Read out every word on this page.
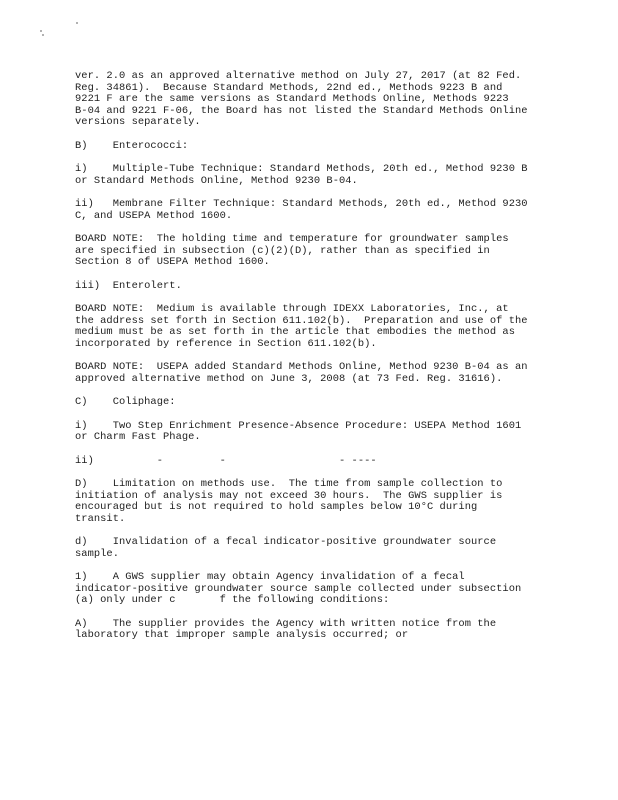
ver. 2.0 as an approved alternative method on July 27, 2017 (at 82 Fed.
Reg. 34861).  Because Standard Methods, 22nd ed., Methods 9223 B and
9221 F are the same versions as Standard Methods Online, Methods 9223
B-04 and 9221 F-06, the Board has not listed the Standard Methods Online
versions separately.
B)    Enterococci:
i)    Multiple-Tube Technique: Standard Methods, 20th ed., Method 9230 B
or Standard Methods Online, Method 9230 B-04.
ii)   Membrane Filter Technique: Standard Methods, 20th ed., Method 9230
C, and USEPA Method 1600.
BOARD NOTE:  The holding time and temperature for groundwater samples
are specified in subsection (c)(2)(D), rather than as specified in
Section 8 of USEPA Method 1600.
iii)  Enterolert.
BOARD NOTE:  Medium is available through IDEXX Laboratories, Inc., at
the address set forth in Section 611.102(b).  Preparation and use of the
medium must be as set forth in the article that embodies the method as
incorporated by reference in Section 611.102(b).
BOARD NOTE:  USEPA added Standard Methods Online, Method 9230 B-04 as an
approved alternative method on June 3, 2008 (at 73 Fed. Reg. 31616).
C)    Coliphage:
i)    Two Step Enrichment Presence-Absence Procedure: USEPA Method 1601
or Charm Fast Phage.
ii)          -         -                  - ----
D)    Limitation on methods use.  The time from sample collection to
initiation of analysis may not exceed 30 hours.  The GWS supplier is
encouraged but is not required to hold samples below 10°C during
transit.
d)    Invalidation of a fecal indicator-positive groundwater source
sample.
1)    A GWS supplier may obtain Agency invalidation of a fecal
indicator-positive groundwater source sample collected under subsection
(a) only under c       f the following conditions:
A)    The supplier provides the Agency with written notice from the
laboratory that improper sample analysis occurred; or
